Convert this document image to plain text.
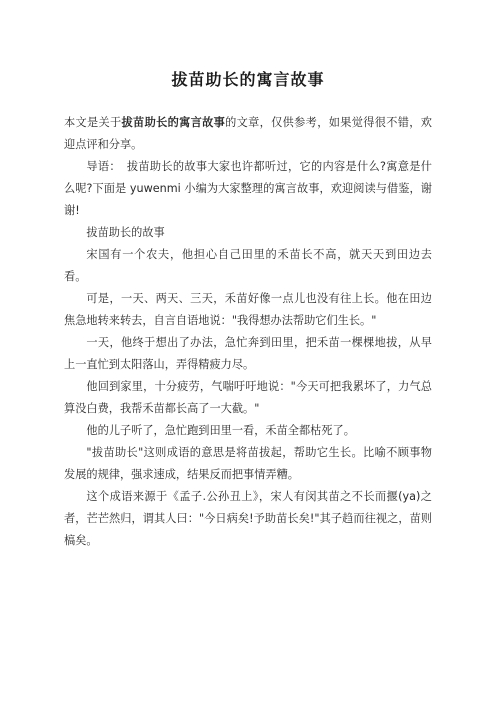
拔苗助长的寓言故事

本文是关于拔苗助长的寓言故事的文章，仅供参考，如果觉得很不错，欢迎点评和分享。

导语：　拔苗助长的故事大家也许都听过，它的内容是什么?寓意是什么呢?下面是 yuwenmi 小编为大家整理的寓言故事，欢迎阅读与借鉴，谢谢!

拔苗助长的故事

宋国有一个农夫，他担心自己田里的禾苗长不高，就天天到田边去看。

可是，一天、两天、三天，禾苗好像一点儿也没有往上长。他在田边焦急地转来转去，自言自语地说："我得想办法帮助它们生长。"

一天，他终于想出了办法，急忙奔到田里，把禾苗一棵棵地拔，从早上一直忙到太阳落山，弄得精疲力尽。

他回到家里，十分疲劳，气喘吁吁地说："今天可把我累坏了，力气总算没白费，我帮禾苗都长高了一大截。"

他的儿子听了，急忙跑到田里一看，禾苗全都枯死了。

"拔苗助长"这则成语的意思是将苗拔起，帮助它生长。比喻不顾事物发展的规律，强求速成，结果反而把事情弄糟。

这个成语来源于《孟子.公孙丑上》，宋人有闵其苗之不长而揠(ya)之者，芒芒然归，谓其人曰："今日病矣!予助苗长矣!"其子趋而往视之，苗则槁矣。
